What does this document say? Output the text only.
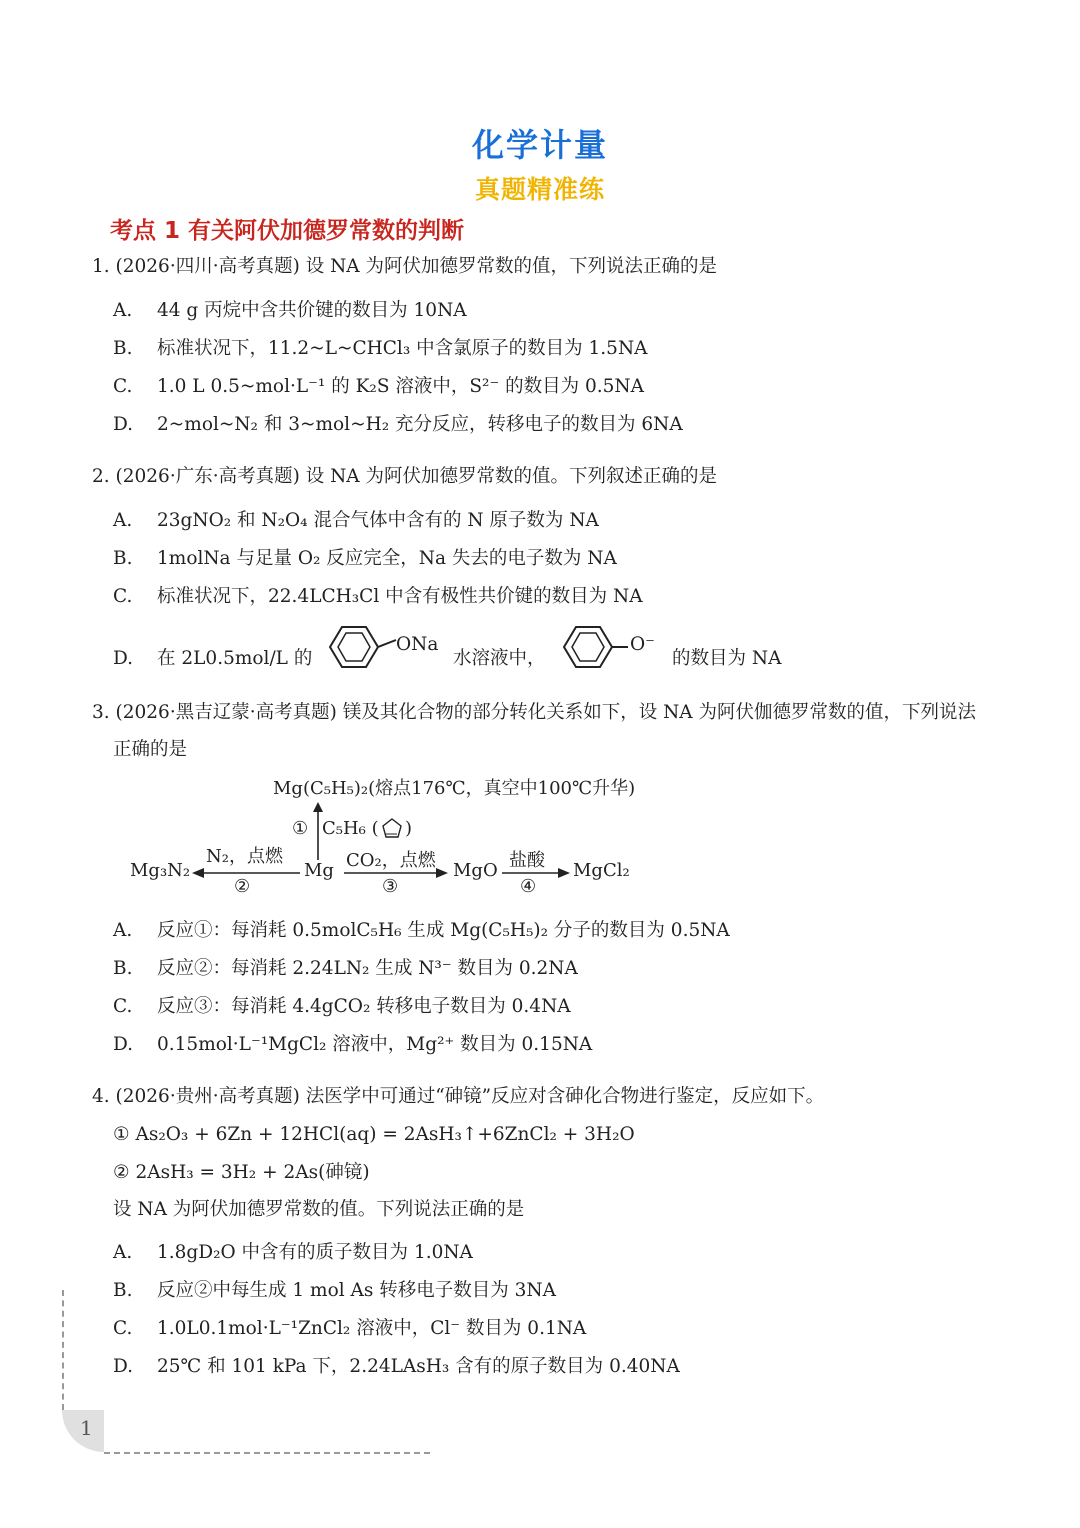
化学计量
真题精准练
考点 1 有关阿伏加德罗常数的判断
1. (2026·四川·高考真题) 设 NA 为阿伏加德罗常数的值，下列说法正确的是
A. 44 g 丙烷中含共价键的数目为 10NA
B. 标准状况下，11.2~L~CHCl₃ 中含氯原子的数目为 1.5NA
C. 1.0 L 0.5~mol·L⁻¹ 的 K₂S 溶液中，S²⁻ 的数目为 0.5NA
D. 2~mol~N₂ 和 3~mol~H₂ 充分反应，转移电子的数目为 6NA
2. (2026·广东·高考真题) 设 NA 为阿伏加德罗常数的值。下列叙述正确的是
A. 23gNO₂ 和 N₂O₄ 混合气体中含有的 N 原子数为 NA
B. 1molNa 与足量 O₂ 反应完全，Na 失去的电子数为 NA
C. 标准状况下，22.4LCH₃Cl 中含有极性共价键的数目为 NA
D. 在 2L0.5mol/L 的
ONa
水溶液中，
O⁻
的数目为 NA
3. (2026·黑吉辽蒙·高考真题) 镁及其化合物的部分转化关系如下，设 NA 为阿伏伽德罗常数的值，下列说法
正确的是
Mg(C₅H₅)₂(熔点176℃，真空中100℃升华)
① C₅H₆ ( )
Mg₃N₂
N₂，点燃
②
Mg CO₂，点燃
③
MgO 盐酸
④
MgCl₂
A. 反应①：每消耗 0.5molC₅H₆ 生成 Mg(C₅H₅)₂ 分子的数目为 0.5NA
B. 反应②：每消耗 2.24LN₂ 生成 N³⁻ 数目为 0.2NA
C. 反应③：每消耗 4.4gCO₂ 转移电子数目为 0.4NA
D. 0.15mol·L⁻¹MgCl₂ 溶液中，Mg²⁺ 数目为 0.15NA
4. (2026·贵州·高考真题) 法医学中可通过“砷镜”反应对含砷化合物进行鉴定，反应如下。
① As₂O₃ + 6Zn + 12HCl(aq) = 2AsH₃↑+6ZnCl₂ + 3H₂O
② 2AsH₃ = 3H₂ + 2As(砷镜)
设 NA 为阿伏加德罗常数的值。下列说法正确的是
A. 1.8gD₂O 中含有的质子数目为 1.0NA
B. 反应②中每生成 1 mol As 转移电子数目为 3NA
C. 1.0L0.1mol·L⁻¹ZnCl₂ 溶液中，Cl⁻ 数目为 0.1NA
D. 25℃ 和 101 kPa 下，2.24LAsH₃ 含有的原子数目为 0.40NA
1
